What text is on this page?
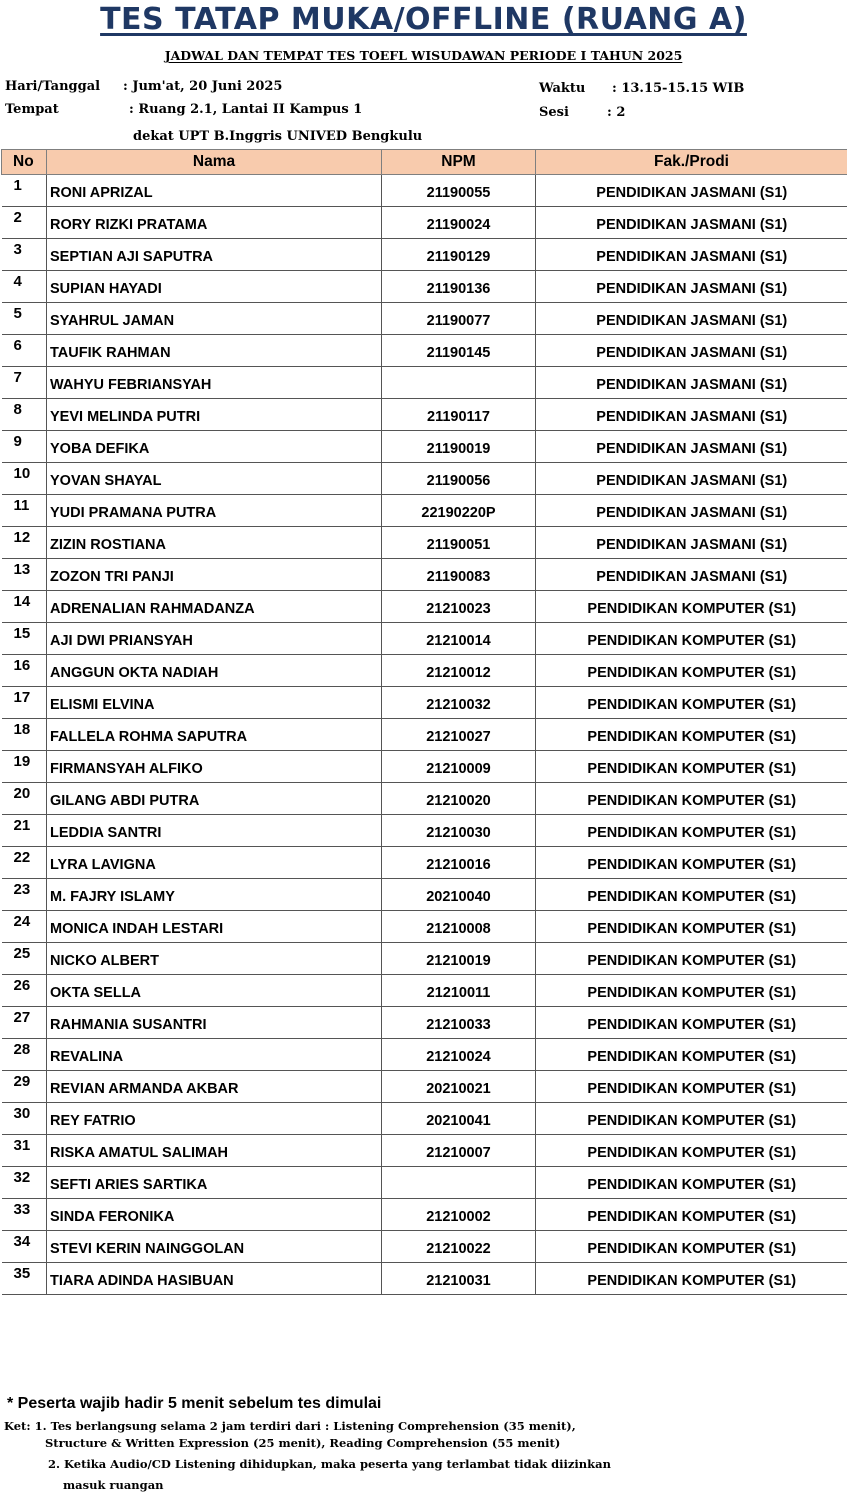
TES TATAP MUKA/OFFLINE (RUANG A)
JADWAL DAN TEMPAT TES TOEFL WISUDAWAN PERIODE I TAHUN 2025
Hari/Tanggal : Jum'at, 20 Juni 2025
Tempat	: Ruang 2.1, Lantai II Kampus 1
dekat UPT B.Inggris UNIVED Bengkulu
Waktu : 13.15-15.15 WIB
Sesi	: 2
No	Nama	NPM	Fak./Prodi
1	RONI APRIZAL	21190055	PENDIDIKAN JASMANI (S1)
2	RORY RIZKI PRATAMA	21190024	PENDIDIKAN JASMANI (S1)
3	SEPTIAN AJI SAPUTRA	21190129	PENDIDIKAN JASMANI (S1)
4	SUPIAN HAYADI	21190136	PENDIDIKAN JASMANI (S1)
5	SYAHRUL JAMAN	21190077	PENDIDIKAN JASMANI (S1)
6	TAUFIK RAHMAN	21190145	PENDIDIKAN JASMANI (S1)
7	WAHYU FEBRIANSYAH		PENDIDIKAN JASMANI (S1)
8	YEVI MELINDA PUTRI	21190117	PENDIDIKAN JASMANI (S1)
9	YOBA DEFIKA	21190019	PENDIDIKAN JASMANI (S1)
10	YOVAN SHAYAL	21190056	PENDIDIKAN JASMANI (S1)
11	YUDI PRAMANA PUTRA	22190220P	PENDIDIKAN JASMANI (S1)
12	ZIZIN ROSTIANA	21190051	PENDIDIKAN JASMANI (S1)
13	ZOZON TRI PANJI	21190083	PENDIDIKAN JASMANI (S1)
14	ADRENALIAN RAHMADANZA	21210023	PENDIDIKAN KOMPUTER (S1)
15	AJI DWI PRIANSYAH	21210014	PENDIDIKAN KOMPUTER (S1)
16	ANGGUN OKTA NADIAH	21210012	PENDIDIKAN KOMPUTER (S1)
17	ELISMI ELVINA	21210032	PENDIDIKAN KOMPUTER (S1)
18	FALLELA ROHMA SAPUTRA	21210027	PENDIDIKAN KOMPUTER (S1)
19	FIRMANSYAH ALFIKO	21210009	PENDIDIKAN KOMPUTER (S1)
20	GILANG ABDI PUTRA	21210020	PENDIDIKAN KOMPUTER (S1)
21	LEDDIA SANTRI	21210030	PENDIDIKAN KOMPUTER (S1)
22	LYRA LAVIGNA	21210016	PENDIDIKAN KOMPUTER (S1)
23	M. FAJRY ISLAMY	20210040	PENDIDIKAN KOMPUTER (S1)
24	MONICA INDAH LESTARI	21210008	PENDIDIKAN KOMPUTER (S1)
25	NICKO ALBERT	21210019	PENDIDIKAN KOMPUTER (S1)
26	OKTA SELLA	21210011	PENDIDIKAN KOMPUTER (S1)
27	RAHMANIA SUSANTRI	21210033	PENDIDIKAN KOMPUTER (S1)
28	REVALINA	21210024	PENDIDIKAN KOMPUTER (S1)
29	REVIAN ARMANDA AKBAR	20210021	PENDIDIKAN KOMPUTER (S1)
30	REY FATRIO	20210041	PENDIDIKAN KOMPUTER (S1)
31	RISKA AMATUL SALIMAH	21210007	PENDIDIKAN KOMPUTER (S1)
32	SEFTI ARIES SARTIKA		PENDIDIKAN KOMPUTER (S1)
33	SINDA FERONIKA	21210002	PENDIDIKAN KOMPUTER (S1)
34	STEVI KERIN NAINGGOLAN	21210022	PENDIDIKAN KOMPUTER (S1)
35	TIARA ADINDA HASIBUAN	21210031	PENDIDIKAN KOMPUTER (S1)
* Peserta wajib hadir 5 menit sebelum tes dimulai
Ket: 1. Tes berlangsung selama 2 jam terdiri dari : Listening Comprehension (35 menit),
Structure & Written Expression (25 menit), Reading Comprehension (55 menit)
2. Ketika Audio/CD Listening dihidupkan, maka peserta yang terlambat tidak diizinkan
masuk ruangan
